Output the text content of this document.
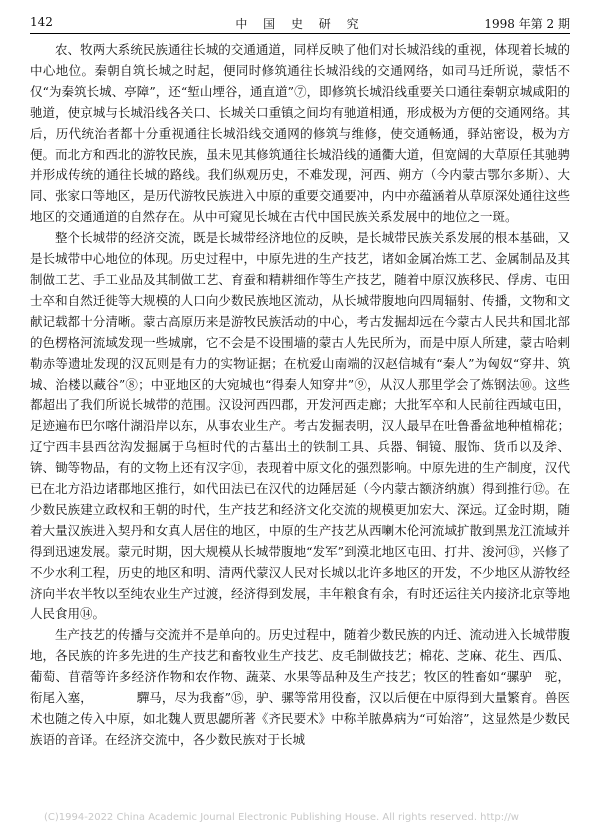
142	中 国 史 研 究	1998 年第 2 期

农、牧两大系统民族通往长城的交通通道，同样反映了他们对长城沿线的重视，体现着长城的中心地位。秦朝自筑长城之时起，便同时修筑通往长城沿线的交通网络，如司马迁所说，蒙恬不仅“为秦筑长城、亭障”，还“堑山堙谷，通直道”⑦，即修筑长城沿线重要关口通往秦朝京城咸阳的驰道，使京城与长城沿线各关口、长城关口重镇之间均有驰道相通，形成极为方便的交通网络。其后，历代统治者都十分重视通往长城沿线交通网的修筑与维修，使交通畅通，驿站密设，极为方便。而北方和西北的游牧民族，虽未见其修筑通往长城沿线的通衢大道，但宽阔的大草原任其驰骋并形成传统的通往长城的路线。我们纵观历史，不难发现，河西、朔方（今内蒙古鄂尔多斯）、大同、张家口等地区，是历代游牧民族进入中原的重要交通要冲，内中亦蕴涵着从草原深处通往这些地区的交通通道的自然存在。从中可窥见长城在古代中国民族关系发展中的地位之一斑。

整个长城带的经济交流，既是长城带经济地位的反映，是长城带民族关系发展的根本基础，又是长城带中心地位的体现。历史过程中，中原先进的生产技艺，诸如金属冶炼工艺、金属制品及其制做工艺、手工业品及其制做工艺、育蚕和精耕细作等生产技艺，随着中原汉族移民、俘虏、屯田士卒和自然迁徙等大规模的人口向少数民族地区流动，从长城带腹地向四周辐射、传播，文物和文献记载都十分清晰。蒙古高原历来是游牧民族活动的中心，考古发掘却远在今蒙古人民共和国北部的色楞格河流域发现一些城廓，它不会是不设围墙的蒙古人先民所为，而是中原人所建，蒙古哈剌勒赤等遗址发现的汉瓦则是有力的实物证据；在杭爱山南端的汉赵信城有“秦人”为匈奴“穿井、筑城、治楼以藏谷”⑧；中亚地区的大宛城也“得秦人知穿井”⑨，从汉人那里学会了炼钢法⑩。这些都超出了我们所说长城带的范围。汉设河西四郡，开发河西走廊；大批军卒和人民前往西域屯田，足迹遍布巴尔喀什湖沿岸以东，从事农业生产。考古发掘表明，汉人最早在吐鲁番盆地种植棉花；辽宁西丰县西岔沟发掘属于乌桓时代的古墓出土的铁制工具、兵器、铜镜、服饰、货币以及斧、锛、锄等物品，有的文物上还有汉字⑪，表现着中原文化的强烈影响。中原先进的生产制度，汉代已在北方沿边诸郡地区推行，如代田法已在汉代的边陲居延（今内蒙古额济纳旗）得到推行⑫。在少数民族建立政权和王朝的时代，生产技艺和经济文化交流的规模更加宏大、深远。辽金时期，随着大量汉族进入契丹和女真人居住的地区，中原的生产技艺从西喇木伦河流域扩散到黑龙江流域并得到迅速发展。蒙元时期，因大规模从长城带腹地“发军”到漠北地区屯田、打井、浚河⑬，兴修了不少水利工程，历史的地区和明、清两代蒙汉人民对长城以北许多地区的开发，不少地区从游牧经济向半农半牧以至纯农业生产过渡，经济得到发展，丰年粮食有余，有时还运往关内接济北京等地人民食用⑭。

生产技艺的传播与交流并不是单向的。历史过程中，随着少数民族的内迁、流动进入长城带腹地，各民族的许多先进的生产技艺和畜牧业生产技艺、皮毛制做技艺；棉花、芝麻、花生、西瓜、葡萄、苜蓿等许多经济作物和农作物、蔬菜、水果等品种及生产技艺；牧区的牲畜如“骡驴　驼，衔尾入塞，　　　　驒马，尽为我畜”⑮，驴、骡等常用役畜，汉以后便在中原得到大量繁育。兽医术也随之传入中原，如北魏人贾思勰所著《齐民要术》中称羊脓鼻病为“可始溶”，这显然是少数民族语的音译。在经济交流中，各少数民族对于长城

(C)1994-2022 China Academic Journal Electronic Publishing House. All rights reserved. http://w
